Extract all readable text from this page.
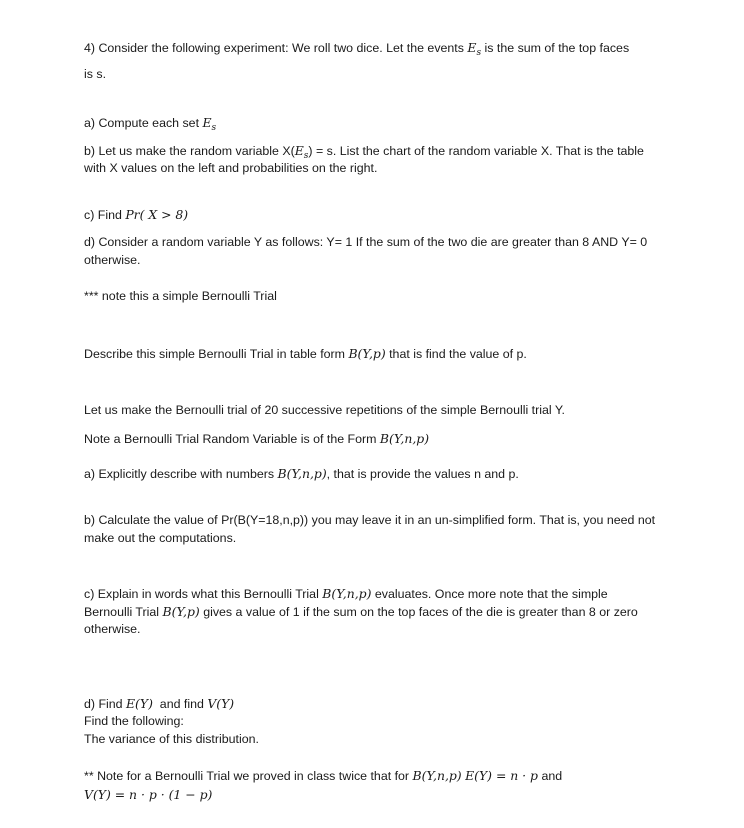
4) Consider the following experiment: We roll two dice. Let the events $E_s$ is the sum of the top faces
is s.
a) Compute each set $E_s$
b) Let us make the random variable $X(E_s) = s$. List the chart of the random variable X. That is the table
with X values on the left and probabilities on the right.
c) Find Pr( X > 8)
d) Consider a random variable Y as follows: Y= 1 If the sum of the two die are greater than 8 AND Y= 0
otherwise.
*** note this a simple Bernoulli Trial
Describe this simple Bernoulli Trial in table form B(Y,p) that is find the value of p.
Let us make the Bernoulli trial of 20 successive repetitions of the simple Bernoulli trial Y.
Note a Bernoulli Trial Random Variable is of the Form B(Y,n,p)
a) Explicitly describe with numbers B(Y,n,p), that is provide the values n and p.
b) Calculate the value of Pr(B(Y=18,n,p)) you may leave it in an un-simplified form. That is, you need not
make out the computations.
c) Explain in words what this Bernoulli Trial B(Y,n,p) evaluates. Once more note that the simple
Bernoulli Trial B(Y,p) gives a value of 1 if the sum on the top faces of the die is greater than 8 or zero
otherwise.
d) Find E(Y)  and find V(Y)
Find the following:
The variance of this distribution.
** Note for a Bernoulli Trial we proved in class twice that for B(Y,n,p) E(Y) = n · p and
V(Y) = n · p · (1 − p)
